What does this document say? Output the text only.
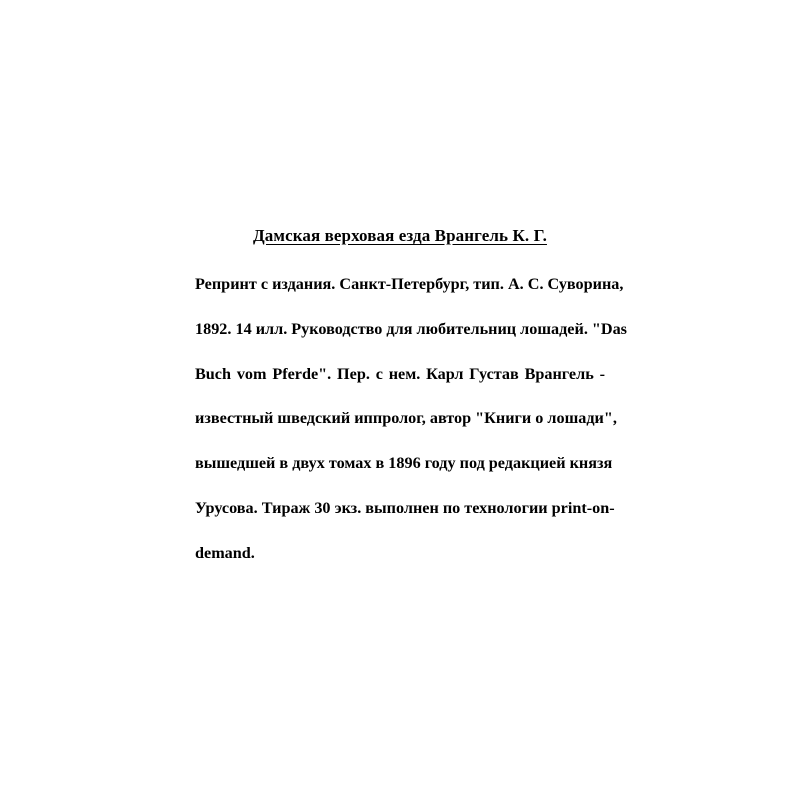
Дамская верховая езда Врангель К. Г.
Репринт с издания. Санкт-Петербург, тип. А. С. Суворина,
1892. 14 илл. Руководство для любительниц лошадей. "Das
Buch vom Pferde". Пер. с нем. Карл Густав Врангель -
известный шведский иппролог, автор "Книги о лошади",
вышедшей в двух томах в 1896 году под редакцией князя
Урусова. Тираж 30 экз. выполнен по технологии print-on-
demand.
